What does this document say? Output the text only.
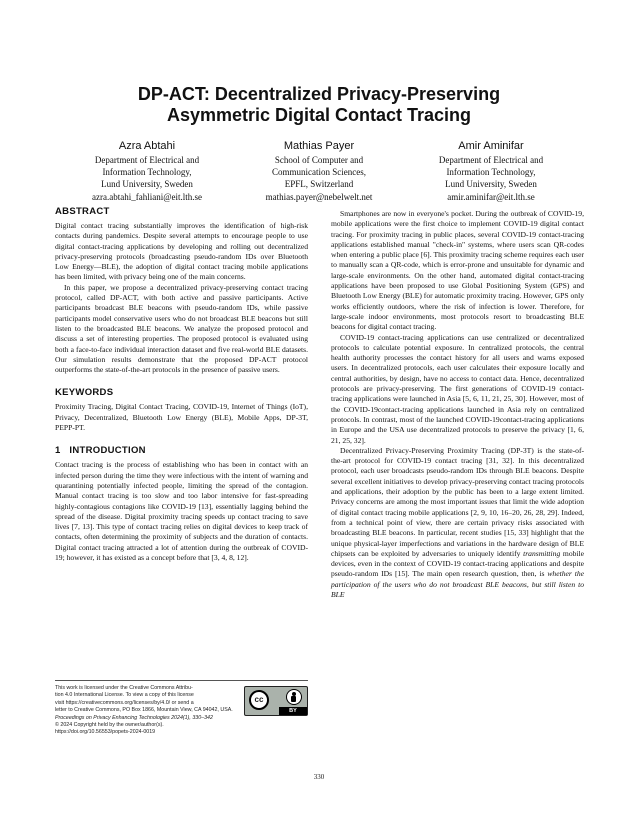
DP-ACT: Decentralized Privacy-Preserving
Asymmetric Digital Contact Tracing
Azra Abtahi
Department of Electrical and
Information Technology,
Lund University, Sweden
azra.abtahi_fahliani@eit.lth.se
Mathias Payer
School of Computer and
Communication Sciences,
EPFL, Switzerland
mathias.payer@nebelwelt.net
Amir Aminifar
Department of Electrical and
Information Technology,
Lund University, Sweden
amir.aminifar@eit.lth.se
ABSTRACT

Digital contact tracing substantially improves the identification of high-risk contacts during pandemics. Despite several attempts to encourage people to use digital contact-tracing applications by developing and rolling out decentralized privacy-preserving protocols (broadcasting pseudo-random IDs over Bluetooth Low Energy—BLE), the adoption of digital contact tracing mobile applications has been limited, with privacy being one of the main concerns.

In this paper, we propose a decentralized privacy-preserving contact tracing protocol, called DP-ACT, with both active and passive participants. Active participants broadcast BLE beacons with pseudo-random IDs, while passive participants model conservative users who do not broadcast BLE beacons but still listen to the broadcasted BLE beacons. We analyze the proposed protocol and discuss a set of interesting properties. The proposed protocol is evaluated using both a face-to-face individual interaction dataset and five real-world BLE datasets. Our simulation results demonstrate that the proposed DP-ACT protocol outperforms the state-of-the-art protocols in the presence of passive users.

KEYWORDS

Proximity Tracing, Digital Contact Tracing, COVID-19, Internet of Things (IoT), Privacy, Decentralized, Bluetooth Low Energy (BLE), Mobile Apps, DP-3T, PEPP-PT.

1   INTRODUCTION

Contact tracing is the process of establishing who has been in contact with an infected person during the time they were infectious with the intent of warning and quarantining potentially infected people, limiting the spread of the contagion. Manual contact tracing is too slow and too labor intensive for fast-spreading highly-contagious contagions like COVID-19 [13], essentially lagging behind the spread of the disease. Digital proximity tracing speeds up contact tracing to save lives [7, 13]. This type of contact tracing relies on digital devices to keep track of contacts, often determining the proximity of subjects and the duration of contacts. Digital contact tracing attracted a lot of attention during the outbreak of COVID-19; however, it has existed as a concept before that [3, 4, 8, 12].

Smartphones are now in everyone's pocket. During the outbreak of COVID-19, mobile applications were the first choice to implement COVID-19 digital contact tracing. For proximity tracing in public places, several COVID-19 contact-tracing applications established manual "check-in" systems, where users scan QR-codes when entering a public place [6]. This proximity tracing scheme requires each user to manually scan a QR-code, which is error-prone and unsuitable for dynamic and large-scale environments. On the other hand, automated digital contact-tracing applications have been proposed to use Global Positioning System (GPS) and Bluetooth Low Energy (BLE) for automatic proximity tracing. However, GPS only works efficiently outdoors, where the risk of infection is lower. Therefore, for large-scale indoor environments, most protocols resort to broadcasting BLE beacons for digital contact tracing.

COVID-19 contact-tracing applications can use centralized or decentralized protocols to calculate potential exposure. In centralized protocols, the central health authority processes the contact history for all users and warns exposed users. In decentralized protocols, each user calculates their exposure locally and central authorities, by design, have no access to contact data. Hence, decentralized protocols are privacy-preserving. The first generations of COVID-19 contact-tracing applications were launched in Asia [5, 6, 11, 21, 25, 30]. However, most of the COVID-19contact-tracing applications launched in Asia rely on centralized protocols. In contrast, most of the launched COVID-19contact-tracing applications in Europe and the USA use decentralized protocols to preserve the privacy [1, 6, 21, 25, 32].

Decentralized Privacy-Preserving Proximity Tracing (DP-3T) is the state-of-the-art protocol for COVID-19 contact tracing [31, 32]. In this decentralized protocol, each user broadcasts pseudo-random IDs through BLE beacons. Despite several excellent initiatives to develop privacy-preserving contact tracing protocols and applications, their adoption by the public has been to a large extent limited. Privacy concerns are among the most important issues that limit the wide adoption of digital contact tracing mobile applications [2, 9, 10, 16–20, 26, 28, 29]. Indeed, from a technical point of view, there are certain privacy risks associated with broadcasting BLE beacons. In particular, recent studies [15, 33] highlight that the unique physical-layer imperfections and variations in the hardware design of BLE chipsets can be exploited by adversaries to uniquely identify transmitting mobile devices, even in the context of COVID-19 contact-tracing applications and despite pseudo-random IDs [15]. The main open research question, then, is whether the participation of the users who do not broadcast BLE beacons, but still listen to BLE

This work is licensed under the Creative Commons Attribu-
tion 4.0 International License. To view a copy of this license
visit https://creativecommons.org/licenses/by/4.0/ or send a
letter to Creative Commons, PO Box 1866, Mountain View, CA 94042, USA.
Proceedings on Privacy Enhancing Technologies 2024(1), 330–342
© 2024 Copyright held by the owner/author(s).
https://doi.org/10.56553/popets-2024-0019
cc
BY
330
